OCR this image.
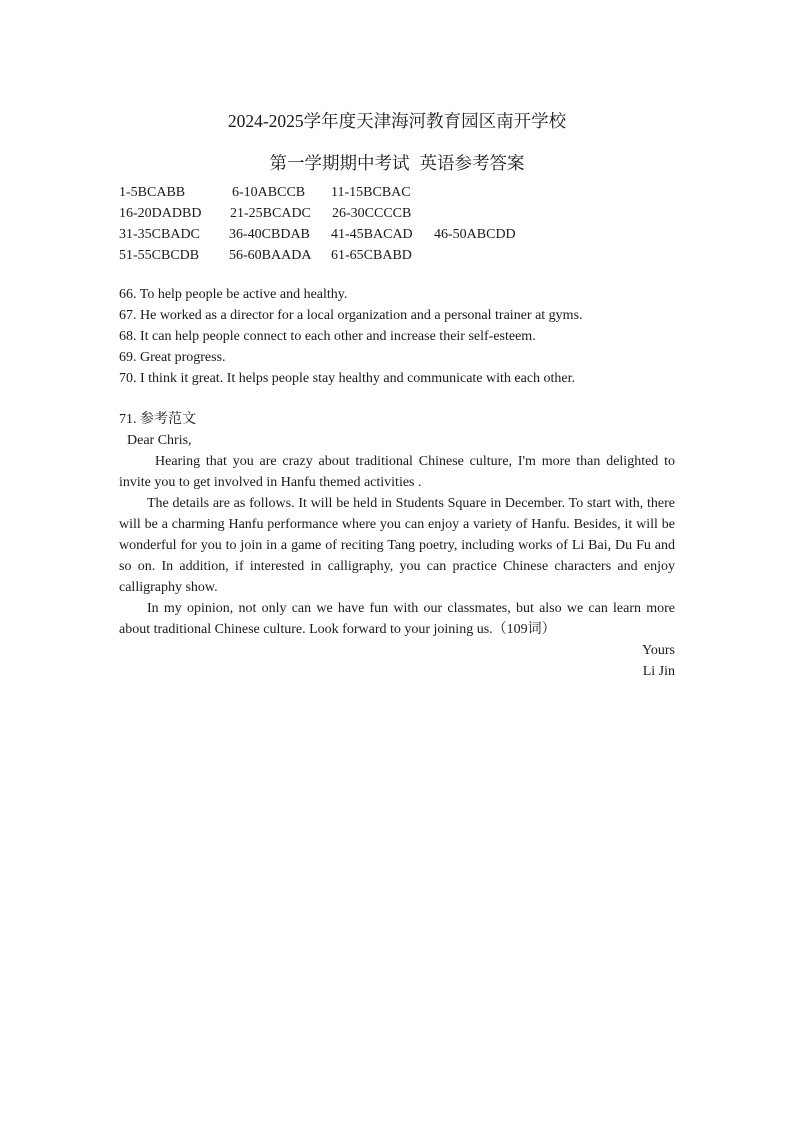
2024-2025学年度天津海河教育园区南开学校
第一学期期中考试 英语参考答案
1-5BCABB	6-10ABCCB 11-15BCBAC
16-20DADBD 21-25BCADC 26-30CCCCB
31-35CBADC 36-40CBDAB 41-45BACAD 46-50ABCDD
51-55CBCDB 56-60BAADA 61-65CBABD
66. To help people be active and healthy.
67. He worked as a director for a local organization and a personal trainer at gyms.
68. It can help people connect to each other and increase their self-esteem.
69. Great progress.
70. I think it great. It helps people stay healthy and communicate with each other.
71. 参考范文
Dear Chris,
Hearing that you are crazy about traditional Chinese culture, I'm more than delighted to invite you to get involved in Hanfu themed activities .
The details are as follows. It will be held in Students Square in December. To start with, there will be a charming Hanfu performance where you can enjoy a variety of Hanfu. Besides, it will be wonderful for you to join in a game of reciting Tang poetry, including works of Li Bai, Du Fu and so on. In addition, if interested in calligraphy, you can practice Chinese characters and enjoy calligraphy show.
In my opinion, not only can we have fun with our classmates, but also we can learn more about traditional Chinese culture. Look forward to your joining us.（109词）
Yours
Li Jin
